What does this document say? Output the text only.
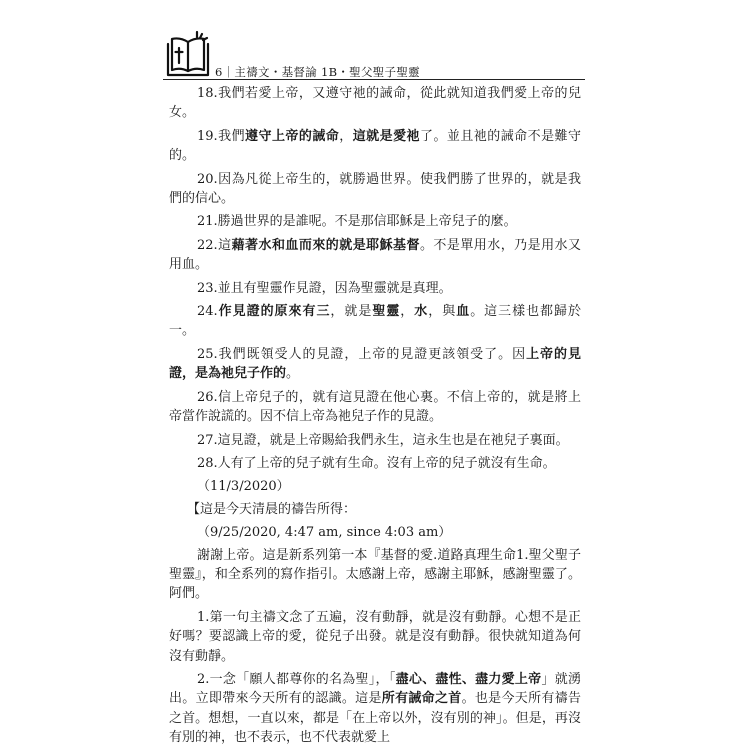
6｜主禱文・基督論 1B・聖父聖子聖靈

18.我們若愛上帝，又遵守祂的誡命，從此就知道我們愛上帝的兒女。

19.我們遵守上帝的誡命，這就是愛祂了。並且祂的誡命不是難守的。

20.因為凡從上帝生的，就勝過世界。使我們勝了世界的，就是我們的信心。

21.勝過世界的是誰呢。不是那信耶穌是上帝兒子的麼。

22.這藉著水和血而來的就是耶穌基督。不是單用水，乃是用水又用血。

23.並且有聖靈作見證，因為聖靈就是真理。

24.作見證的原來有三，就是聖靈，水，與血。這三樣也都歸於一。

25.我們既領受人的見證，上帝的見證更該領受了。因上帝的見證，是為祂兒子作的。

26.信上帝兒子的，就有這見證在他心裏。不信上帝的，就是將上帝當作說謊的。因不信上帝為祂兒子作的見證。

27.這見證，就是上帝賜給我們永生，這永生也是在祂兒子裏面。

28.人有了上帝的兒子就有生命。沒有上帝的兒子就沒有生命。

（11/3/2020）

【這是今天清晨的禱告所得：

（9/25/2020, 4:47 am, since 4:03 am）

謝謝上帝。這是新系列第一本『基督的愛.道路真理生命1.聖父聖子聖靈』，和全系列的寫作指引。太感謝上帝，感謝主耶穌，感謝聖靈了。阿們。

1.第一句主禱文念了五遍，沒有動靜，就是沒有動靜。心想不是正好嗎？要認識上帝的愛，從兒子出發。就是沒有動靜。很快就知道為何沒有動靜。

2.一念「願人都尊你的名為聖」，「盡心、盡性、盡力愛上帝」就湧出。立即帶來今天所有的認識。這是所有誡命之首。也是今天所有禱告之首。想想，一直以來，都是「在上帝以外，沒有別的神」。但是，再沒有別的神，也不表示，也不代表就愛上
